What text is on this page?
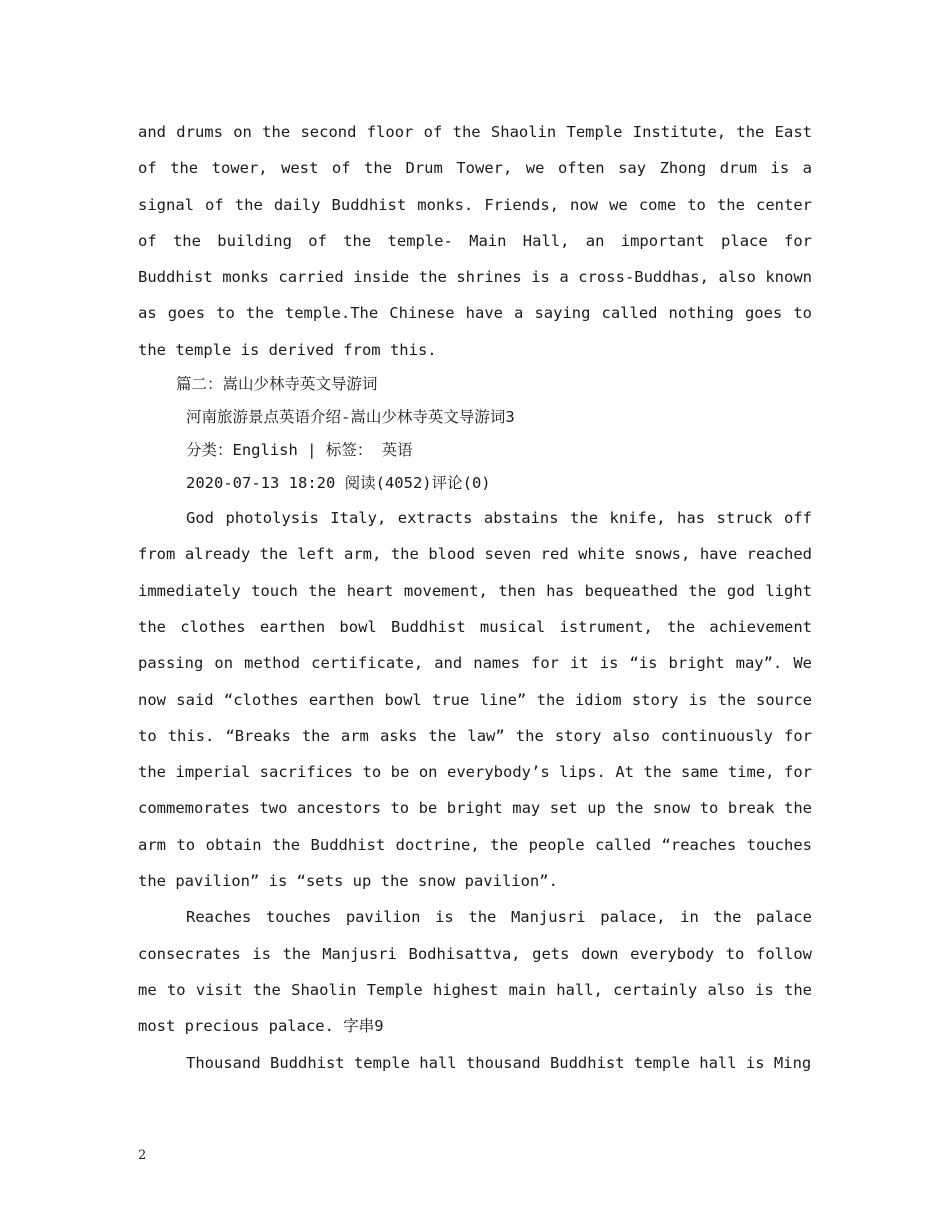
and drums on the second floor of the Shaolin Temple Institute, the East of the tower, west of the Drum Tower, we often say Zhong drum is a signal of the daily Buddhist monks. Friends, now we come to the center of the building of the temple- Main Hall, an important place for Buddhist monks carried inside the shrines is a cross-Buddhas, also known as goes to the temple.The Chinese have a saying called nothing goes to the temple is derived from this.

篇二：嵩山少林寺英文导游词

河南旅游景点英语介绍-嵩山少林寺英文导游词3

分类：English | 标签： 英语

2020-07-13 18:20 阅读(4052)评论(0)

God photolysis Italy, extracts abstains the knife, has struck off from already the left arm, the blood seven red white snows, have reached immediately touch the heart movement, then has bequeathed the god light the clothes earthen bowl Buddhist musical istrument, the achievement passing on method certificate, and names for it is “is bright may”. We now said “clothes earthen bowl true line” the idiom story is the source to this. “Breaks the arm asks the law” the story also continuously for the imperial sacrifices to be on everybody’s lips. At the same time, for commemorates two ancestors to be bright may set up the snow to break the arm to obtain the Buddhist doctrine, the people called “reaches touches the pavilion” is “sets up the snow pavilion”.

Reaches touches pavilion is the Manjusri palace, in the palace consecrates is the Manjusri Bodhisattva, gets down everybody to follow me to visit the Shaolin Temple highest main hall, certainly also is the most precious palace. 字串9

Thousand Buddhist temple hall thousand Buddhist temple hall is Ming

2
